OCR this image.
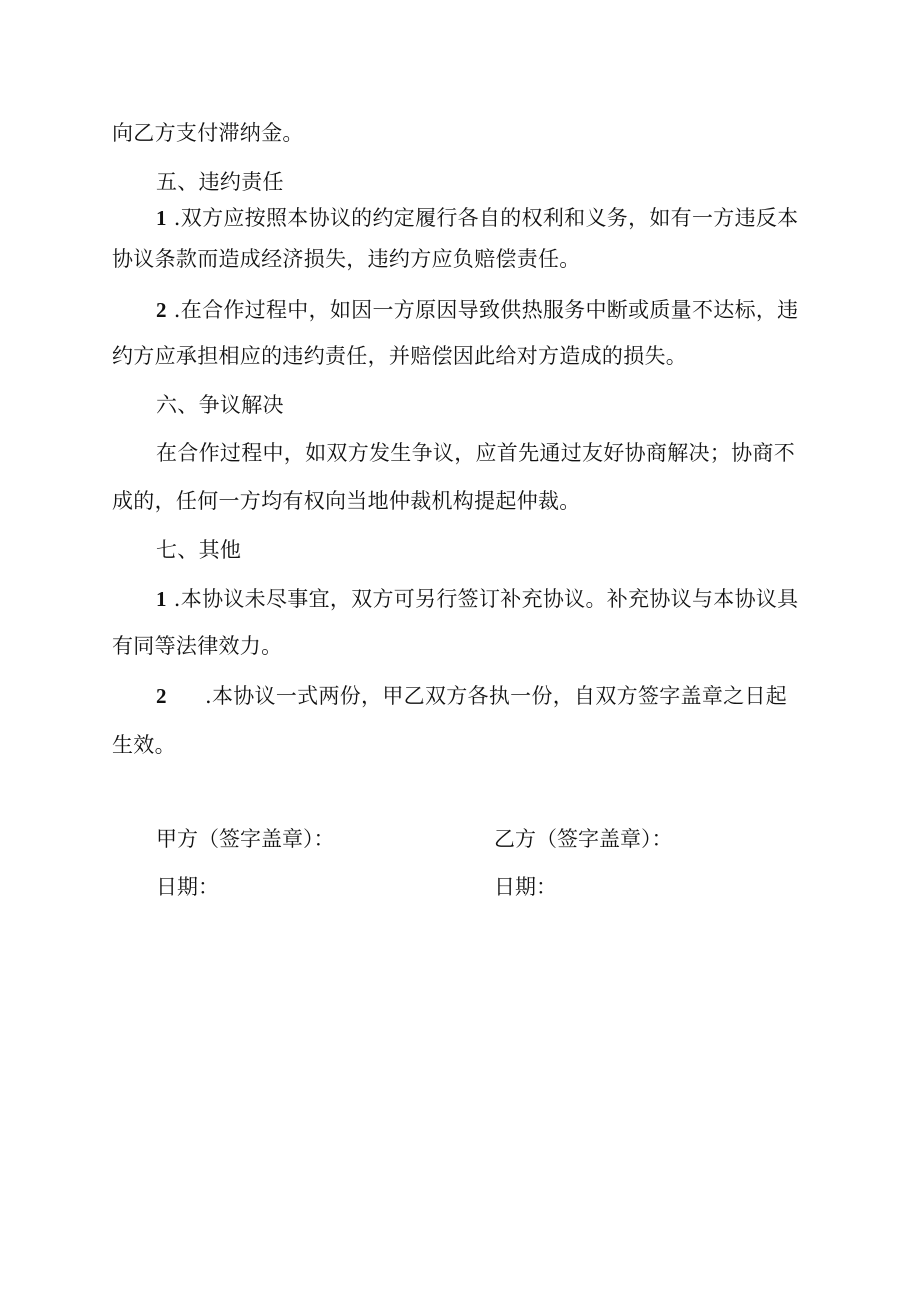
向乙方支付滞纳金。
五、违约责任
1 .双方应按照本协议的约定履行各自的权利和义务，如有一方违反本
协议条款而造成经济损失，违约方应负赔偿责任。
2 .在合作过程中，如因一方原因导致供热服务中断或质量不达标，违
约方应承担相应的违约责任，并赔偿因此给对方造成的损失。
六、争议解决
在合作过程中，如双方发生争议，应首先通过友好协商解决；协商不
成的，任何一方均有权向当地仲裁机构提起仲裁。
七、其他
1 .本协议未尽事宜，双方可另行签订补充协议。补充协议与本协议具
有同等法律效力。
2 .本协议一式两份，甲乙双方各执一份，自双方签字盖章之日起
生效。
甲方（签字盖章）：	乙方（签字盖章）：
日期：	日期：
